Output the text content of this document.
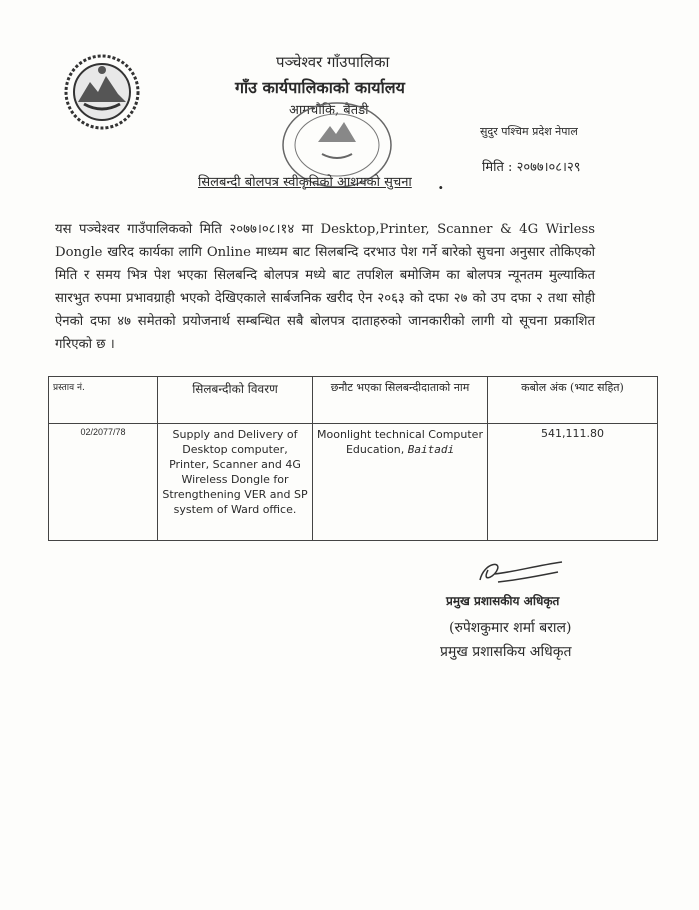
पञ्चेश्वर गाँउपालिका
गाँउ कार्यपालिकाको कार्यालय
आमचौकि, बैतडी
सुदुर पश्चिम प्रदेश नेपाल
मिति : २०७७।०८।२९
सिलबन्दी बोलपत्र स्वीकृतिको आशयको सुचना .
यस पञ्चेश्वर गाउँपालिकको मिति २०७७।०८।१४ मा Desktop,Printer, Scanner & 4G Wirless Dongle खरिद कार्यका लागि Online माध्यम बाट सिलबन्दि दरभाउ पेश गर्ने बारेको सुचना अनुसार तोकिएको मिति र समय भित्र पेश भएका सिलबन्दि बोलपत्र मध्ये बाट तपशिल बमोजिम का बोलपत्र न्यूनतम मुल्याकित सारभुत रुपमा प्रभावग्राही भएको देखिएकाले सार्बजनिक खरीद ऐन २०६३ को दफा २७ को उप दफा २ तथा सोही ऐनको दफा ४७ समेतको प्रयोजनार्थ सम्बन्धित सबै बोलपत्र दाताहरुको जानकारीको लागी यो सूचना प्रकाशित गरिएको छ ।
प्रस्ताव नं.	सिलबन्दीको विवरण	छनौट भएका सिलबन्दीदाताको नाम	कबोल अंक (भ्याट सहित)
02/2077/78	Supply and Delivery of Desktop computer, Printer, Scanner and 4G Wireless Dongle for Strengthening VER and SP system of Ward office.	Moonlight technical Computer Education, Baitadi	541,111.80
प्रमुख प्रशासकीय अधिकृत
(रुपेशकुमार शर्मा बराल)
प्रमुख प्रशासकिय अधिकृत
